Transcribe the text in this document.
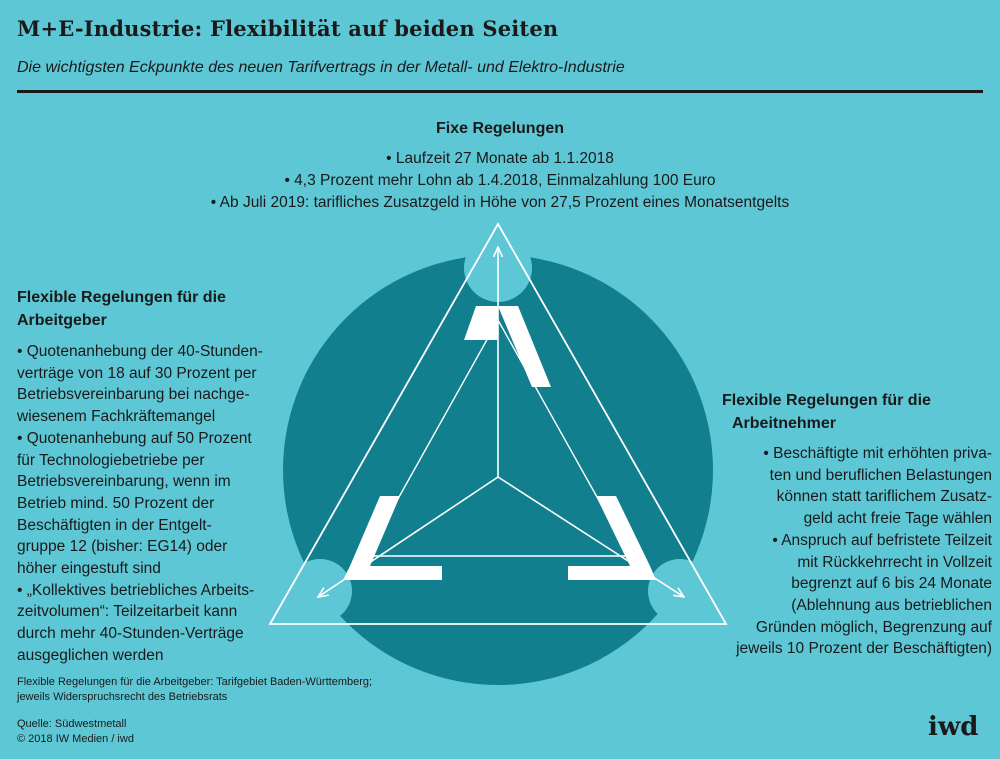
M+E-Industrie: Flexibilität auf beiden Seiten
Die wichtigsten Eckpunkte des neuen Tarifvertrags in der Metall- und Elektro-Industrie
Fixe Regelungen
• Laufzeit 27 Monate ab 1.1.2018
• 4,3 Prozent mehr Lohn ab 1.4.2018, Einmalzahlung 100 Euro
• Ab Juli 2019: tarifliches Zusatzgeld in Höhe von 27,5 Prozent eines Monatsentgelts
Flexible Regelungen für die
Arbeitgeber
• Quotenanhebung der 40-Stunden-
verträge von 18 auf 30 Prozent per
Betriebsvereinbarung bei nachge-
wiesenem Fachkräftemangel
• Quotenanhebung auf 50 Prozent
für Technologiebetriebe per
Betriebsvereinbarung, wenn im
Betrieb mind. 50 Prozent der
Beschäftigten in der Entgelt-
gruppe 12 (bisher: EG14) oder
höher eingestuft sind
• „Kollektives betriebliches Arbeits-
zeitvolumen“: Teilzeitarbeit kann
durch mehr 40-Stunden-Verträge
ausgeglichen werden
Flexible Regelungen für die
Arbeitnehmer
• Beschäftigte mit erhöhten priva-
ten und beruflichen Belastungen
können statt tariflichem Zusatz-
geld acht freie Tage wählen
• Anspruch auf befristete Teilzeit
mit Rückkehrrecht in Vollzeit
begrenzt auf 6 bis 24 Monate
(Ablehnung aus betrieblichen
Gründen möglich, Begrenzung auf
jeweils 10 Prozent der Beschäftigten)
Flexible Regelungen für die Arbeitgeber: Tarifgebiet Baden-Württemberg;
jeweils Widerspruchsrecht des Betriebsrats
Quelle: Südwestmetall
© 2018 IW Medien / iwd	iwd
